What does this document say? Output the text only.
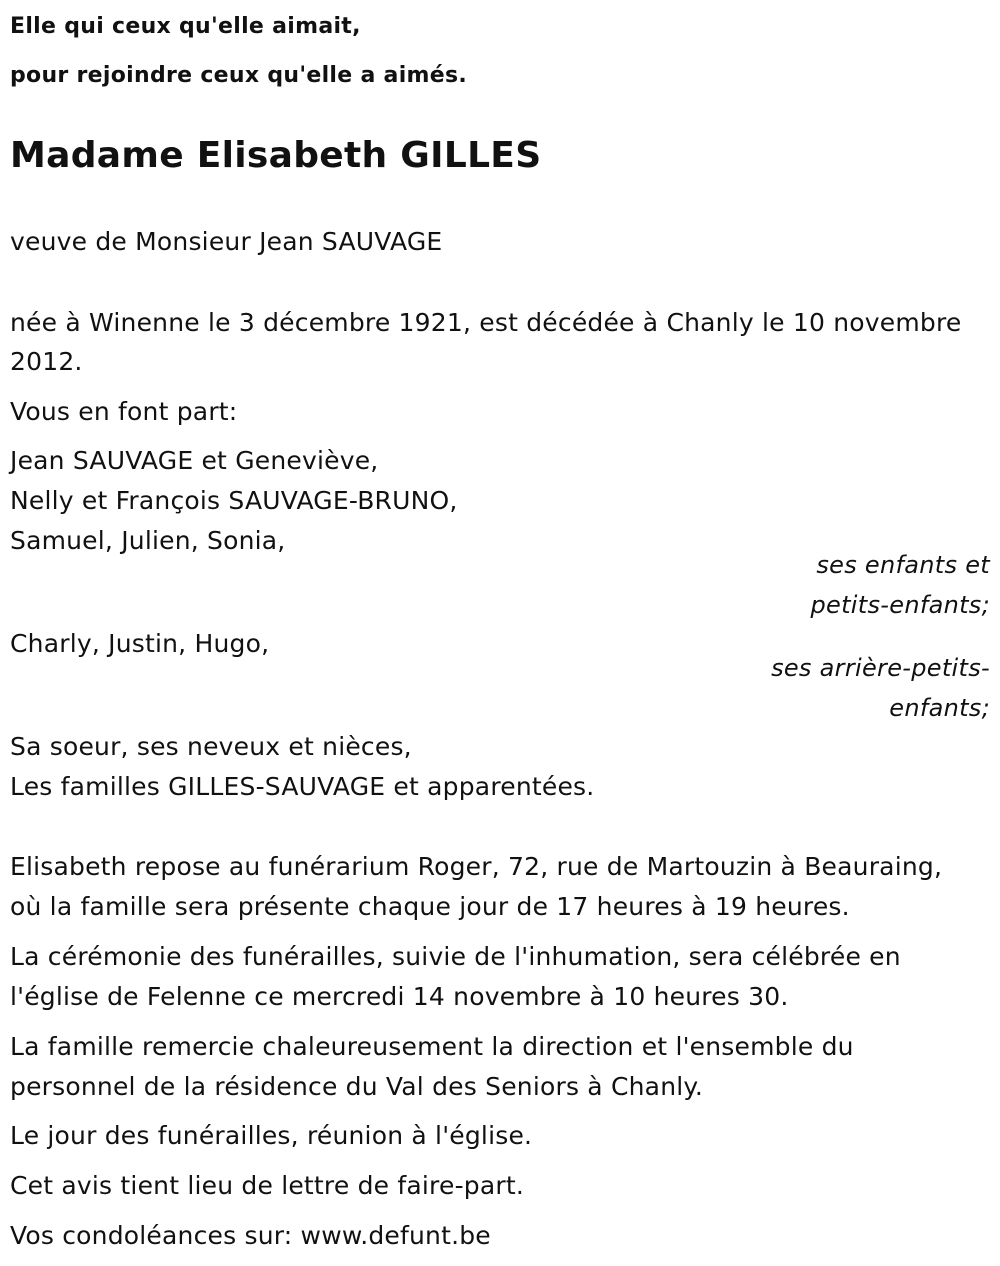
Elle qui ceux qu'elle aimait,
pour rejoindre ceux qu'elle a aimés.
Madame Elisabeth GILLES
veuve de Monsieur Jean SAUVAGE
née à Winenne le 3 décembre 1921, est décédée à Chanly le 10 novembre
2012.
Vous en font part:
Jean SAUVAGE et Geneviève,
Nelly et François SAUVAGE-BRUNO,
Samuel, Julien, Sonia,
ses enfants et
petits-enfants;
Charly, Justin, Hugo,
ses arrière-petits-
enfants;
Sa soeur, ses neveux et nièces,
Les familles GILLES-SAUVAGE et apparentées.
Elisabeth repose au funérarium Roger, 72, rue de Martouzin à Beauraing,
où la famille sera présente chaque jour de 17 heures à 19 heures.
La cérémonie des funérailles, suivie de l'inhumation, sera célébrée en
l'église de Felenne ce mercredi 14 novembre à 10 heures 30.
La famille remercie chaleureusement la direction et l'ensemble du
personnel de la résidence du Val des Seniors à Chanly.
Le jour des funérailles, réunion à l'église.
Cet avis tient lieu de lettre de faire-part.
Vos condoléances sur: www.defunt.be
